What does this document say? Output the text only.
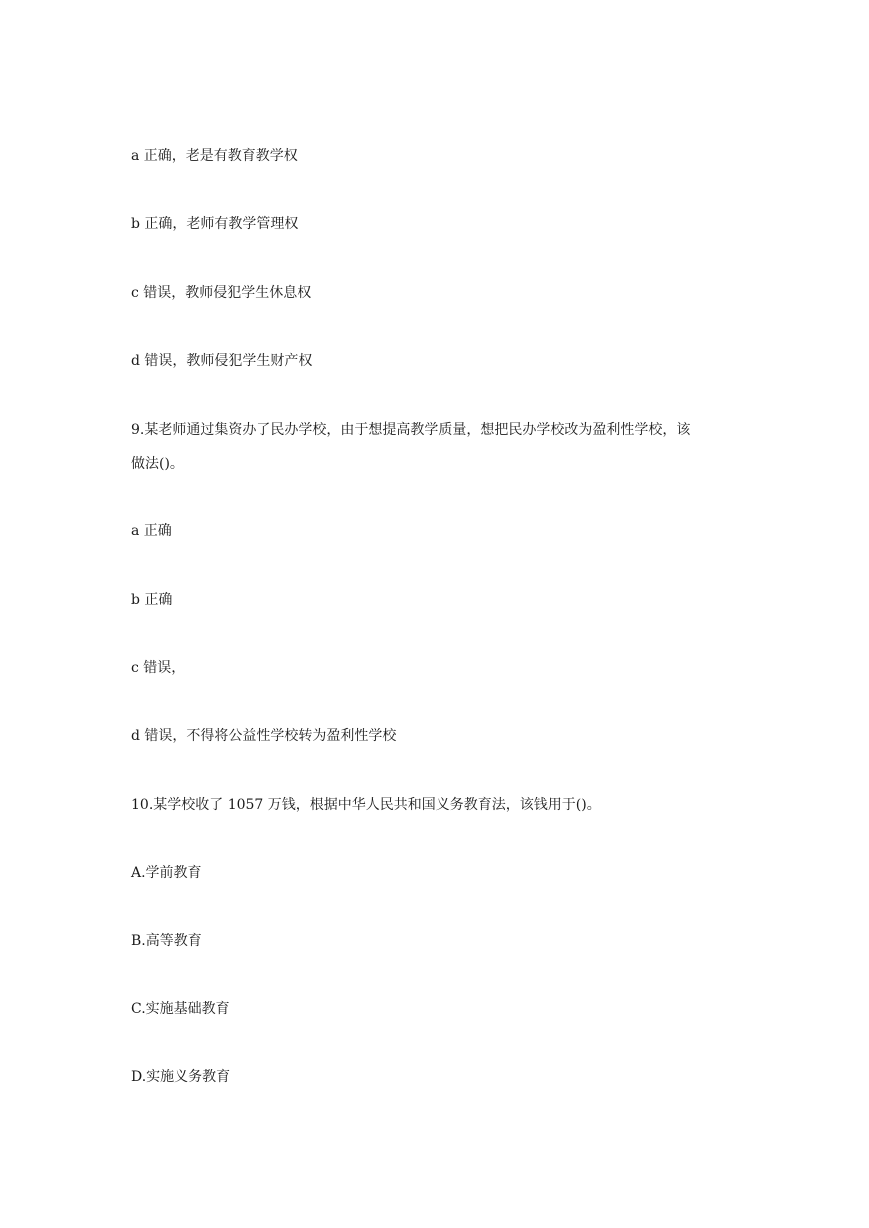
a 正确，老是有教育教学权

b 正确，老师有教学管理权

c 错误，教师侵犯学生休息权

d 错误，教师侵犯学生财产权

9.某老师通过集资办了民办学校，由于想提高教学质量，想把民办学校改为盈利性学校，该

做法()。

a 正确

b 正确

c 错误，

d 错误，不得将公益性学校转为盈利性学校

10.某学校收了 1057 万钱，根据中华人民共和国义务教育法，该钱用于()。

A.学前教育

B.高等教育

C.实施基础教育

D.实施义务教育
